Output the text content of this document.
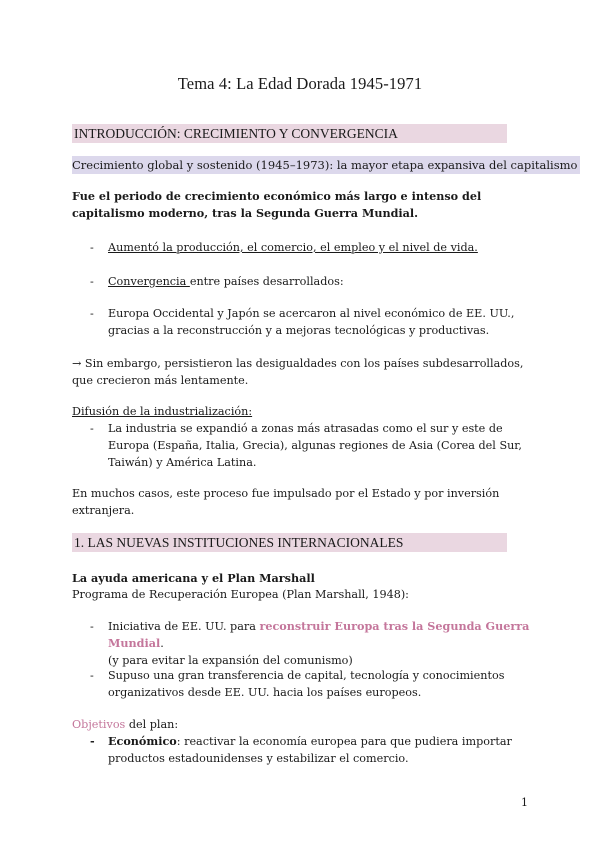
Tema 4: La Edad Dorada 1945-1971
INTRODUCCIÓN: CRECIMIENTO Y CONVERGENCIA
Crecimiento global y sostenido (1945–1973): la mayor etapa expansiva del capitalismo
Fue el periodo de crecimiento económico más largo e intenso del capitalismo moderno, tras la Segunda Guerra Mundial.
- Aumentó la producción, el comercio, el empleo y el nivel de vida.
- Convergencia entre países desarrollados:
- Europa Occidental y Japón se acercaron al nivel económico de EE. UU., gracias a la reconstrucción y a mejoras tecnológicas y productivas.
→ Sin embargo, persistieron las desigualdades con los países subdesarrollados, que crecieron más lentamente.
Difusión de la industrialización:
- La industria se expandió a zonas más atrasadas como el sur y este de Europa (España, Italia, Grecia), algunas regiones de Asia (Corea del Sur, Taiwán) y América Latina.
En muchos casos, este proceso fue impulsado por el Estado y por inversión extranjera.
1. LAS NUEVAS INSTITUCIONES INTERNACIONALES
La ayuda americana y el Plan Marshall
Programa de Recuperación Europea (Plan Marshall, 1948):
- Iniciativa de EE. UU. para reconstruir Europa tras la Segunda Guerra Mundial.
(y para evitar la expansión del comunismo)
- Supuso una gran transferencia de capital, tecnología y conocimientos organizativos desde EE. UU. hacia los países europeos.
Objetivos del plan:
- Económico: reactivar la economía europea para que pudiera importar productos estadounidenses y estabilizar el comercio.
1
